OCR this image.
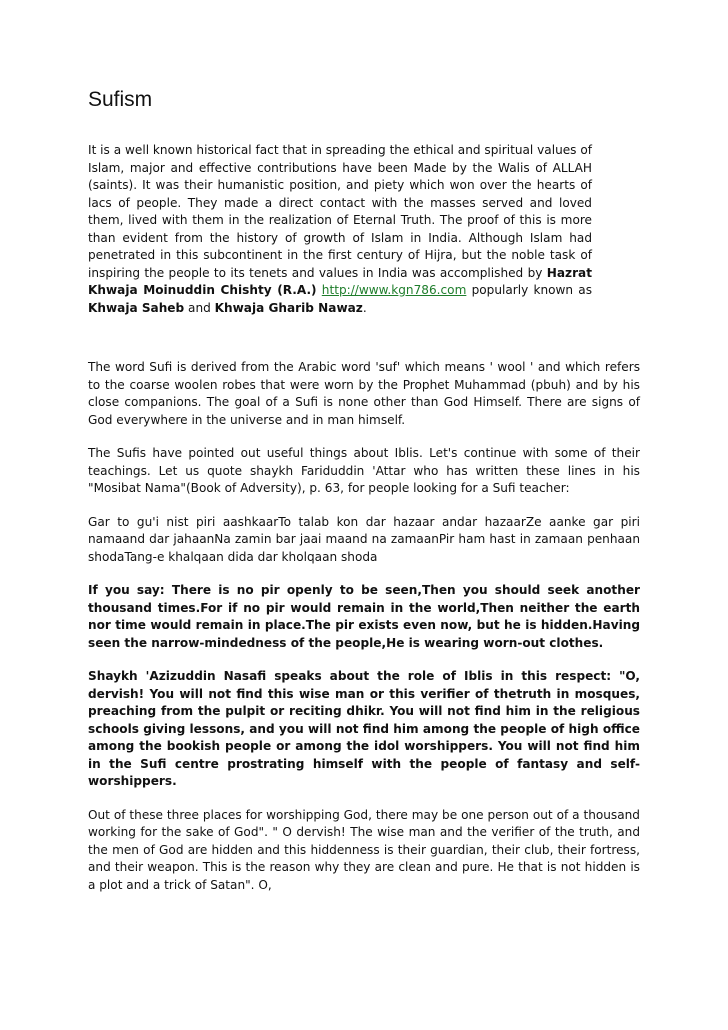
Sufism

It is a well known historical fact that in spreading the ethical and spiritual values of Islam, major and effective contributions have been Made by the Walis of ALLAH (saints). It was their humanistic position, and piety which won over the hearts of lacs of people. They made a direct contact with the masses served and loved them, lived with them in the realization of Eternal Truth. The proof of this is more than evident from the history of growth of Islam in India. Although Islam had penetrated in this subcontinent in the first century of Hijra, but the noble task of inspiring the people to its tenets and values in India was accomplished by Hazrat Khwaja Moinuddin Chishty (R.A.) http://www.kgn786.com popularly known as Khwaja Saheb and Khwaja Gharib Nawaz.

The word Sufi is derived from the Arabic word 'suf' which means ' wool ' and which refers to the coarse woolen robes that were worn by the Prophet Muhammad (pbuh) and by his close companions. The goal of a Sufi is none other than God Himself. There are signs of God everywhere in the universe and in man himself.

The Sufis have pointed out useful things about Iblis. Let's continue with some of their teachings. Let us quote shaykh Fariduddin 'Attar who has written these lines in his "Mosibat Nama"(Book of Adversity), p. 63, for people looking for a Sufi teacher:

Gar to gu'i nist piri aashkaarTo talab kon dar hazaar andar hazaarZe aanke gar piri namaand dar jahaanNa zamin bar jaai maand na zamaanPir ham hast in zamaan penhaan shodaTang-e khalqaan dida dar kholqaan shoda

If you say: There is no pir openly to be seen,Then you should seek another thousand times.For if no pir would remain in the world,Then neither the earth nor time would remain in place.The pir exists even now, but he is hidden.Having seen the narrow-mindedness of the people,He is wearing worn-out clothes.

Shaykh 'Azizuddin Nasafi speaks about the role of Iblis in this respect: "O, dervish! You will not find this wise man or this verifier of thetruth in mosques, preaching from the pulpit or reciting dhikr. You will not find him in the religious schools giving lessons, and you will not find him among the people of high office among the bookish people or among the idol worshippers. You will not find him in the Sufi centre prostrating himself with the people of fantasy and self-worshippers.

Out of these three places for worshipping God, there may be one person out of a thousand working for the sake of God". " O dervish! The wise man and the verifier of the truth, and the men of God are hidden and this hiddenness is their guardian, their club, their fortress, and their weapon. This is the reason why they are clean and pure. He that is not hidden is a plot and a trick of Satan". O,
